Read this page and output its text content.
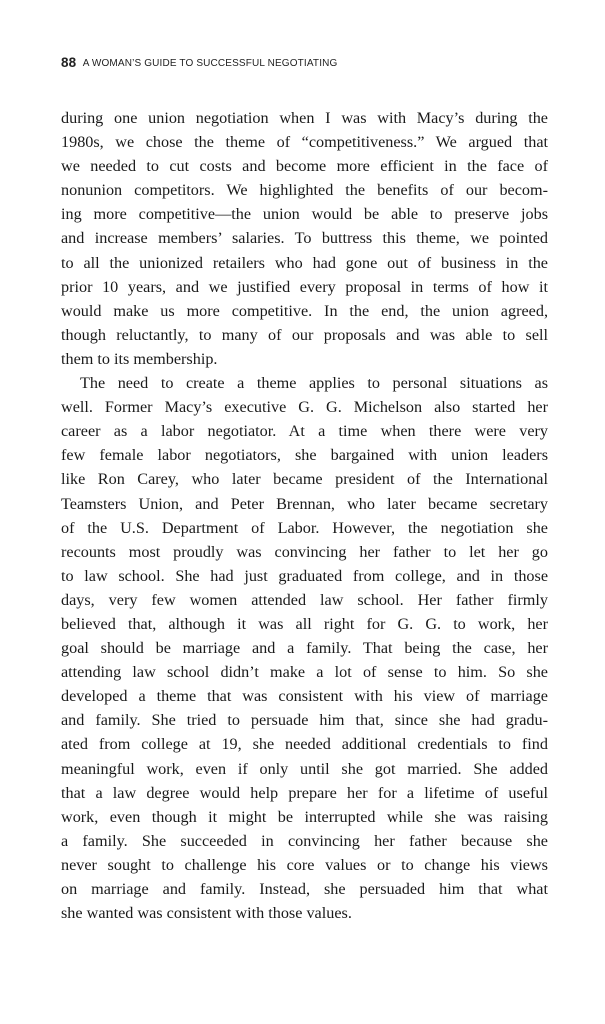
88 A WOMAN’S GUIDE TO SUCCESSFUL NEGOTIATING
during one union negotiation when I was with Macy’s during the
1980s, we chose the theme of “competitiveness.” We argued that
we needed to cut costs and become more efficient in the face of
nonunion competitors. We highlighted the benefits of our becom-
ing more competitive—the union would be able to preserve jobs
and increase members’ salaries. To buttress this theme, we pointed
to all the unionized retailers who had gone out of business in the
prior 10 years, and we justified every proposal in terms of how it
would make us more competitive. In the end, the union agreed,
though reluctantly, to many of our proposals and was able to sell
them to its membership.
The need to create a theme applies to personal situations as
well. Former Macy’s executive G. G. Michelson also started her
career as a labor negotiator. At a time when there were very
few female labor negotiators, she bargained with union leaders
like Ron Carey, who later became president of the International
Teamsters Union, and Peter Brennan, who later became secretary
of the U.S. Department of Labor. However, the negotiation she
recounts most proudly was convincing her father to let her go
to law school. She had just graduated from college, and in those
days, very few women attended law school. Her father firmly
believed that, although it was all right for G. G. to work, her
goal should be marriage and a family. That being the case, her
attending law school didn’t make a lot of sense to him. So she
developed a theme that was consistent with his view of marriage
and family. She tried to persuade him that, since she had gradu-
ated from college at 19, she needed additional credentials to find
meaningful work, even if only until she got married. She added
that a law degree would help prepare her for a lifetime of useful
work, even though it might be interrupted while she was raising
a family. She succeeded in convincing her father because she
never sought to challenge his core values or to change his views
on marriage and family. Instead, she persuaded him that what
she wanted was consistent with those values.
